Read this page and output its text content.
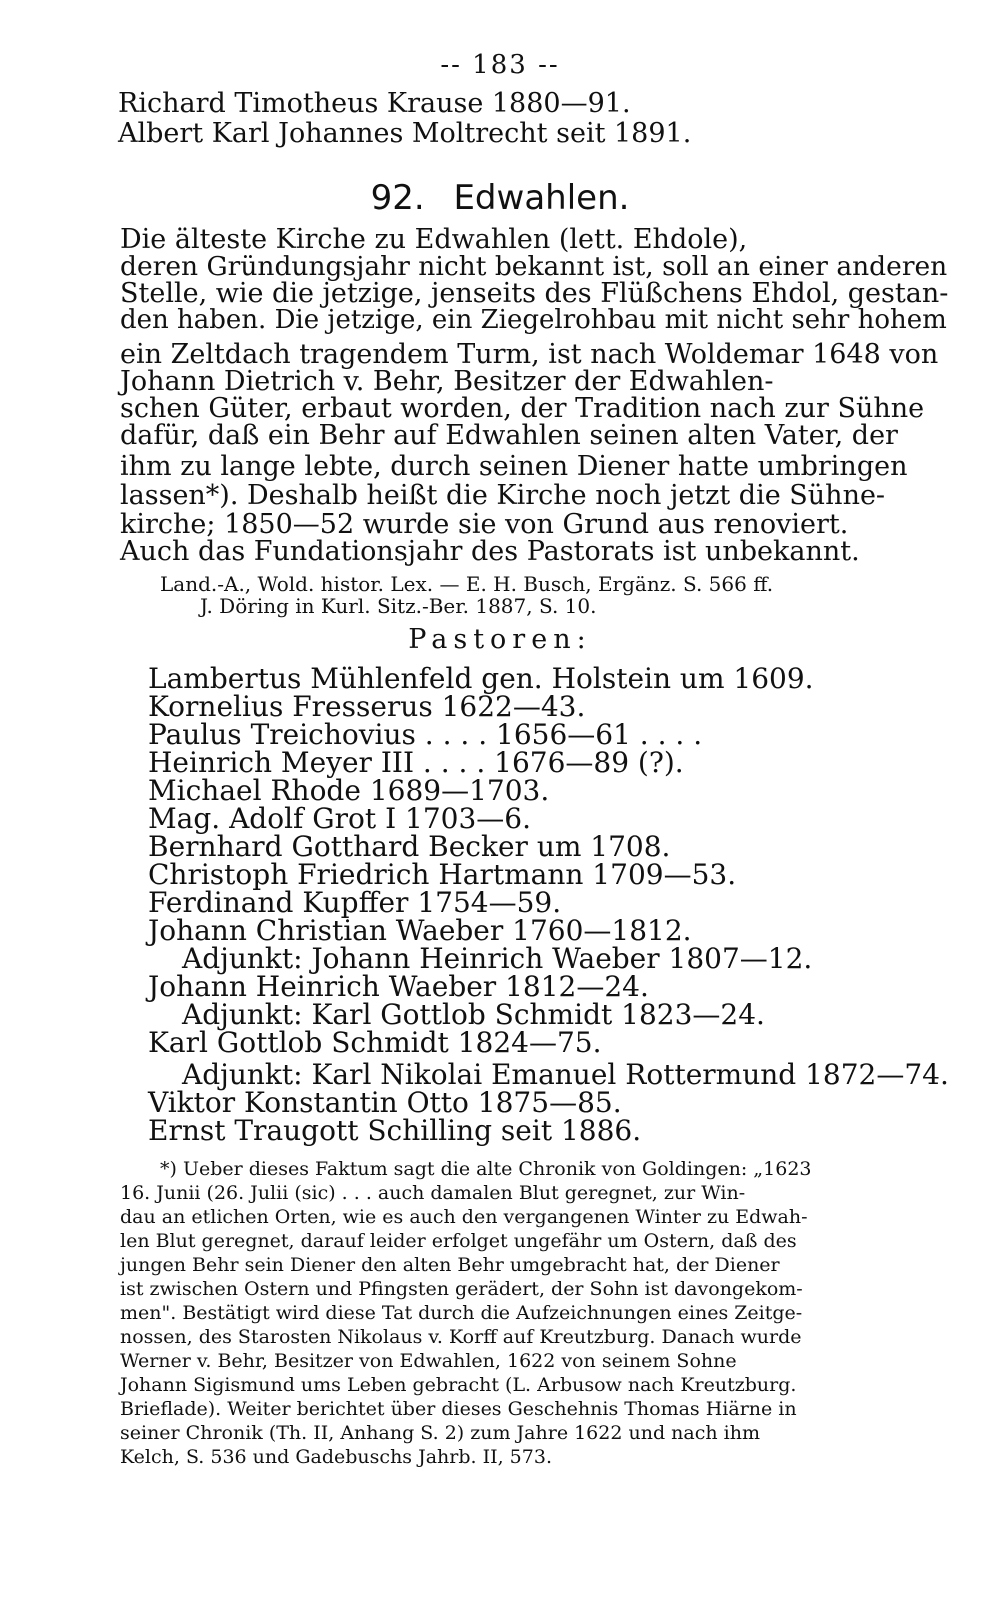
-- 183 --
Richard Timotheus Krause 1880—91.
Albert Karl Johannes Moltrecht seit 1891.
92. Edwahlen.
Die älteste Kirche zu Edwahlen (lett. Ehdole),
deren Gründungsjahr nicht bekannt ist, soll an einer anderen
Stelle, wie die jetzige, jenseits des Flüßchens Ehdol, gestan-
den haben. Die jetzige, ein Ziegelrohbau mit nicht sehr hohem
ein Zeltdach tragendem Turm, ist nach Woldemar 1648 von
Johann Dietrich v. Behr, Besitzer der Edwahlen-
schen Güter, erbaut worden, der Tradition nach zur Sühne
dafür, daß ein Behr auf Edwahlen seinen alten Vater, der
ihm zu lange lebte, durch seinen Diener hatte umbringen
lassen*). Deshalb heißt die Kirche noch jetzt die Sühne-
kirche; 1850—52 wurde sie von Grund aus renoviert.
Auch das Fundationsjahr des Pastorats ist unbekannt.
Land.-A., Wold. histor. Lex. — E. H. Busch, Ergänz. S. 566 ff.
J. Döring in Kurl. Sitz.-Ber. 1887, S. 10.
Pastoren:
Lambertus Mühlenfeld gen. Holstein um 1609.
Kornelius Fresserus 1622—43.
Paulus Treichovius . . . . 1656—61 . . . .
Heinrich Meyer III . . . . 1676—89 (?).
Michael Rhode 1689—1703.
Mag. Adolf Grot I 1703—6.
Bernhard Gotthard Becker um 1708.
Christoph Friedrich Hartmann 1709—53.
Ferdinand Kupffer 1754—59.
Johann Christian Waeber 1760—1812.
Adjunkt: Johann Heinrich Waeber 1807—12.
Johann Heinrich Waeber 1812—24.
Adjunkt: Karl Gottlob Schmidt 1823—24.
Karl Gottlob Schmidt 1824—75.
Adjunkt: Karl Nikolai Emanuel Rottermund 1872—74.
Viktor Konstantin Otto 1875—85.
Ernst Traugott Schilling seit 1886.
*) Ueber dieses Faktum sagt die alte Chronik von Goldingen: „1623
16. Junii (26. Julii (sic) . . . auch damalen Blut geregnet, zur Win-
dau an etlichen Orten, wie es auch den vergangenen Winter zu Edwah-
len Blut geregnet, darauf leider erfolget ungefähr um Ostern, daß des
jungen Behr sein Diener den alten Behr umgebracht hat, der Diener
ist zwischen Ostern und Pfingsten gerädert, der Sohn ist davongekom-
men". Bestätigt wird diese Tat durch die Aufzeichnungen eines Zeitge-
nossen, des Starosten Nikolaus v. Korff auf Kreutzburg. Danach wurde
Werner v. Behr, Besitzer von Edwahlen, 1622 von seinem Sohne
Johann Sigismund ums Leben gebracht (L. Arbusow nach Kreutzburg.
Brieflade). Weiter berichtet über dieses Geschehnis Thomas Hiärne in
seiner Chronik (Th. II, Anhang S. 2) zum Jahre 1622 und nach ihm
Kelch, S. 536 und Gadebuschs Jahrb. II, 573.
